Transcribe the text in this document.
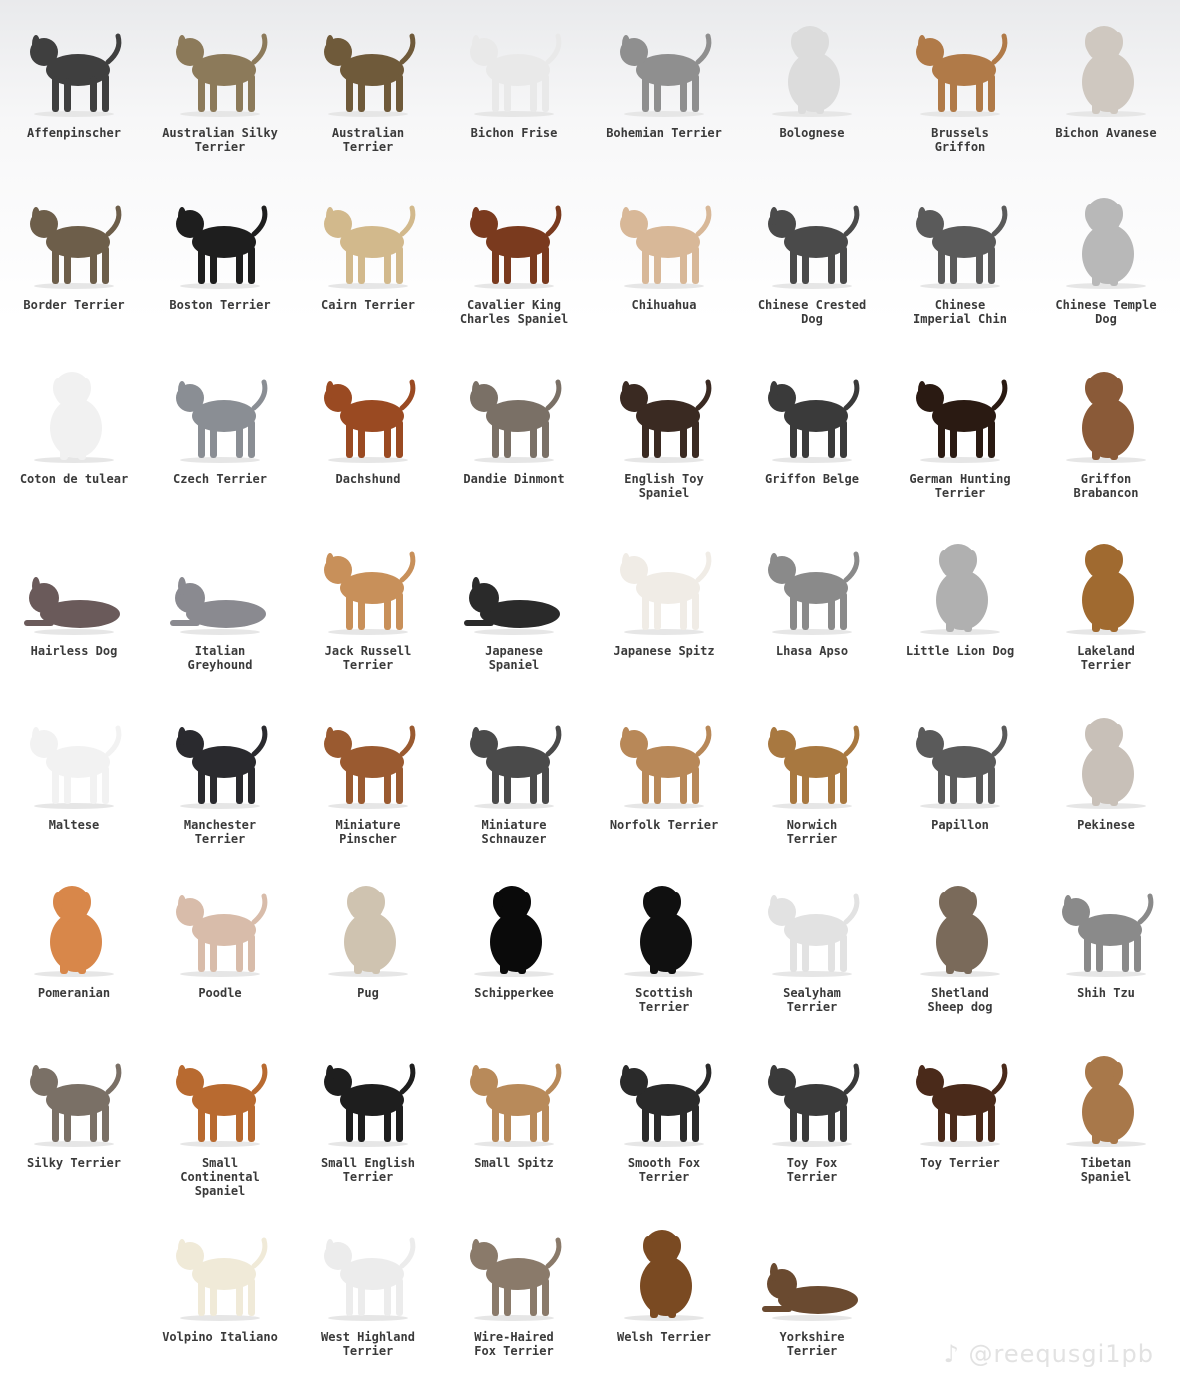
Affenpinscher	Australian Silky
Terrier
Australian
Terrier
Bichon Frise	Bohemian Terrier	Bolognese	Brussels
Griffon
Bichon Avanese
Border Terrier	Boston Terrier	Cairn Terrier	Cavalier King
Charles Spaniel
Chihuahua	Chinese Crested
Dog
Chinese
Imperial Chin
Chinese Temple
Dog
Coton de tulear	Czech Terrier	Dachshund	Dandie Dinmont	English Toy
Spaniel
Griffon Belge	German Hunting
Terrier
Griffon
Brabancon
Hairless Dog	Italian
Greyhound
Jack Russell
Terrier
Japanese
Spaniel
Japanese Spitz	Lhasa Apso	Little Lion Dog	Lakeland
Terrier
Maltese	Manchester
Terrier
Miniature
Pinscher
Miniature
Schnauzer
Norfolk Terrier	Norwich
Terrier
Papillon	Pekinese
Pomeranian	Poodle	Pug	Schipperkee	Scottish
Terrier
Sealyham
Terrier
Shetland
Sheep dog
Shih Tzu
Silky Terrier	Small
Continental
Spaniel
Small English
Terrier
Small Spitz	Smooth Fox
Terrier
Toy Fox
Terrier
Toy Terrier	Tibetan
Spaniel
Volpino Italiano	West Highland
Terrier
Wire-Haired
Fox Terrier
Welsh Terrier	Yorkshire
Terrier	♪ @reequsgi1pb
